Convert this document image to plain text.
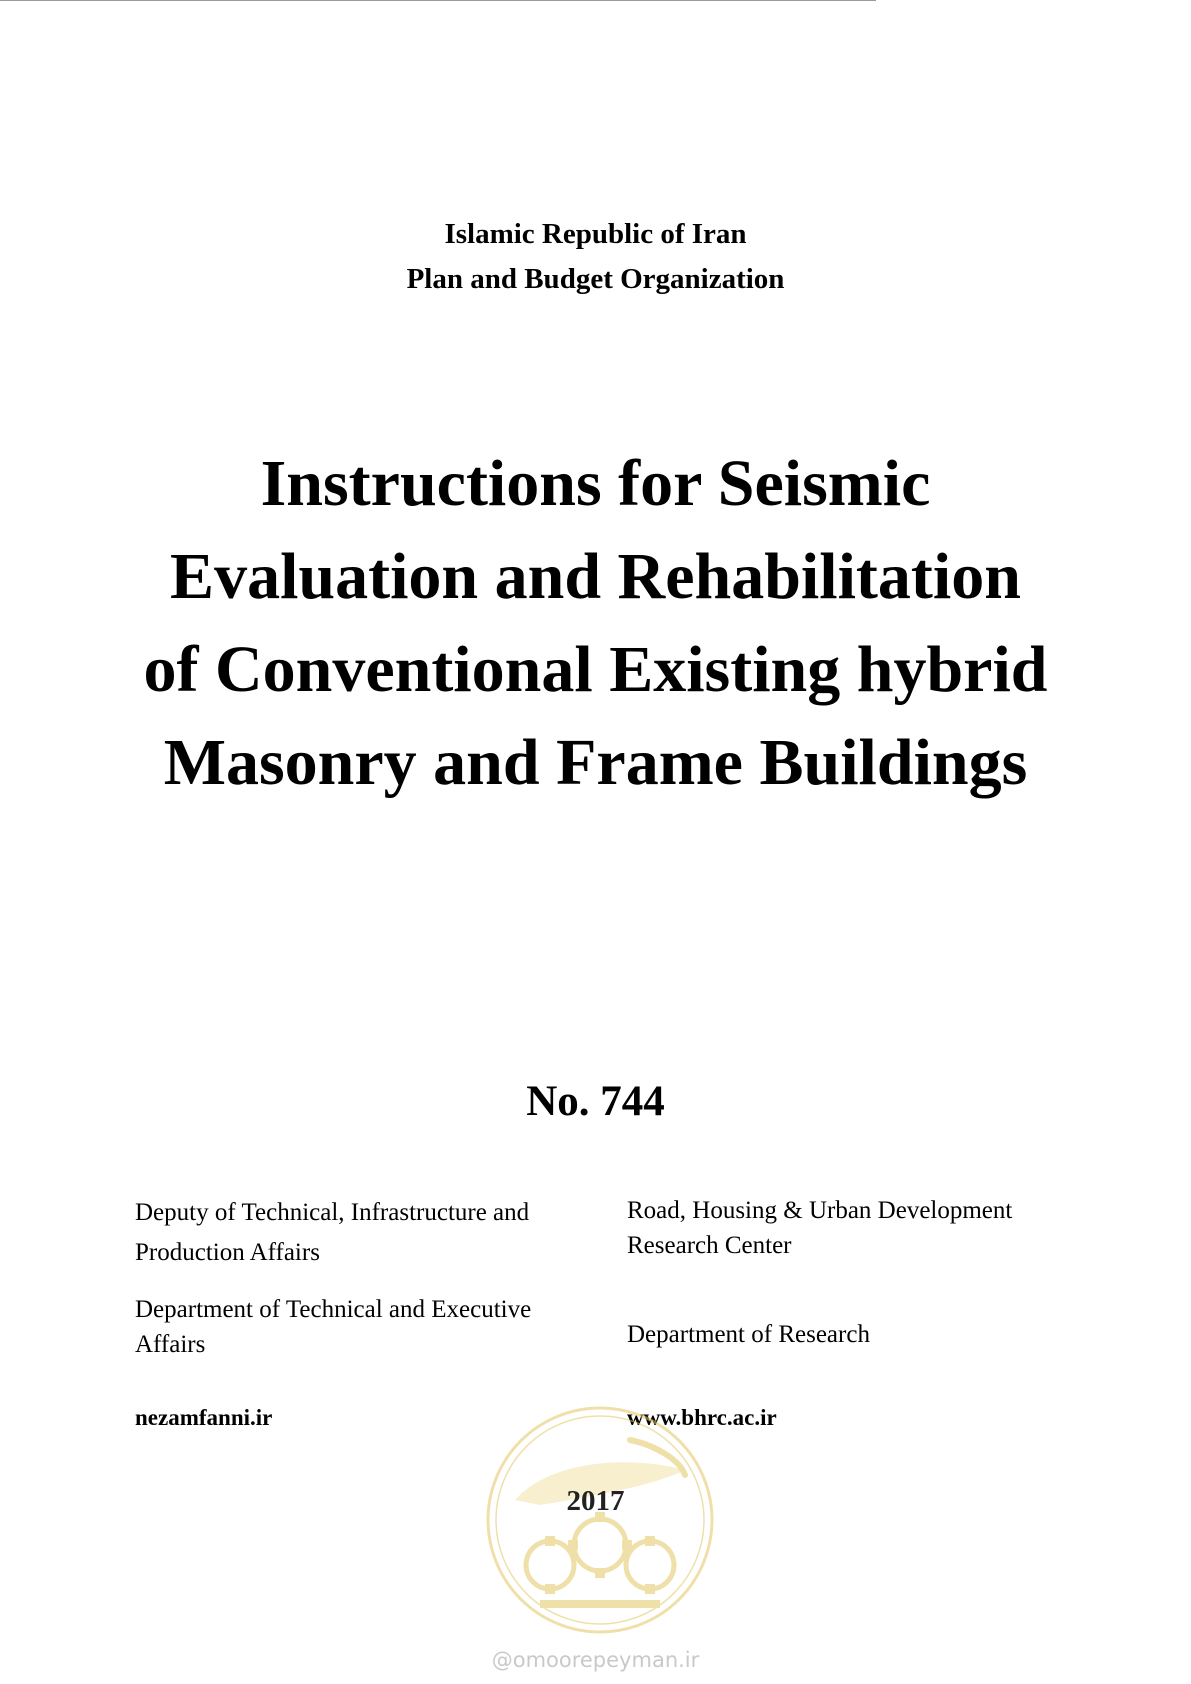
Islamic Republic of Iran
Plan and Budget Organization
Instructions for Seismic
Evaluation and Rehabilitation
of Conventional Existing hybrid
Masonry and Frame Buildings
No. 744
Deputy of Technical, Infrastructure and
Production Affairs
Department of Technical and Executive
Affairs
nezamfanni.ir
Road, Housing & Urban Development
Research Center
Department of Research
www.bhrc.ac.ir
2017
@omoorepeyman.ir
